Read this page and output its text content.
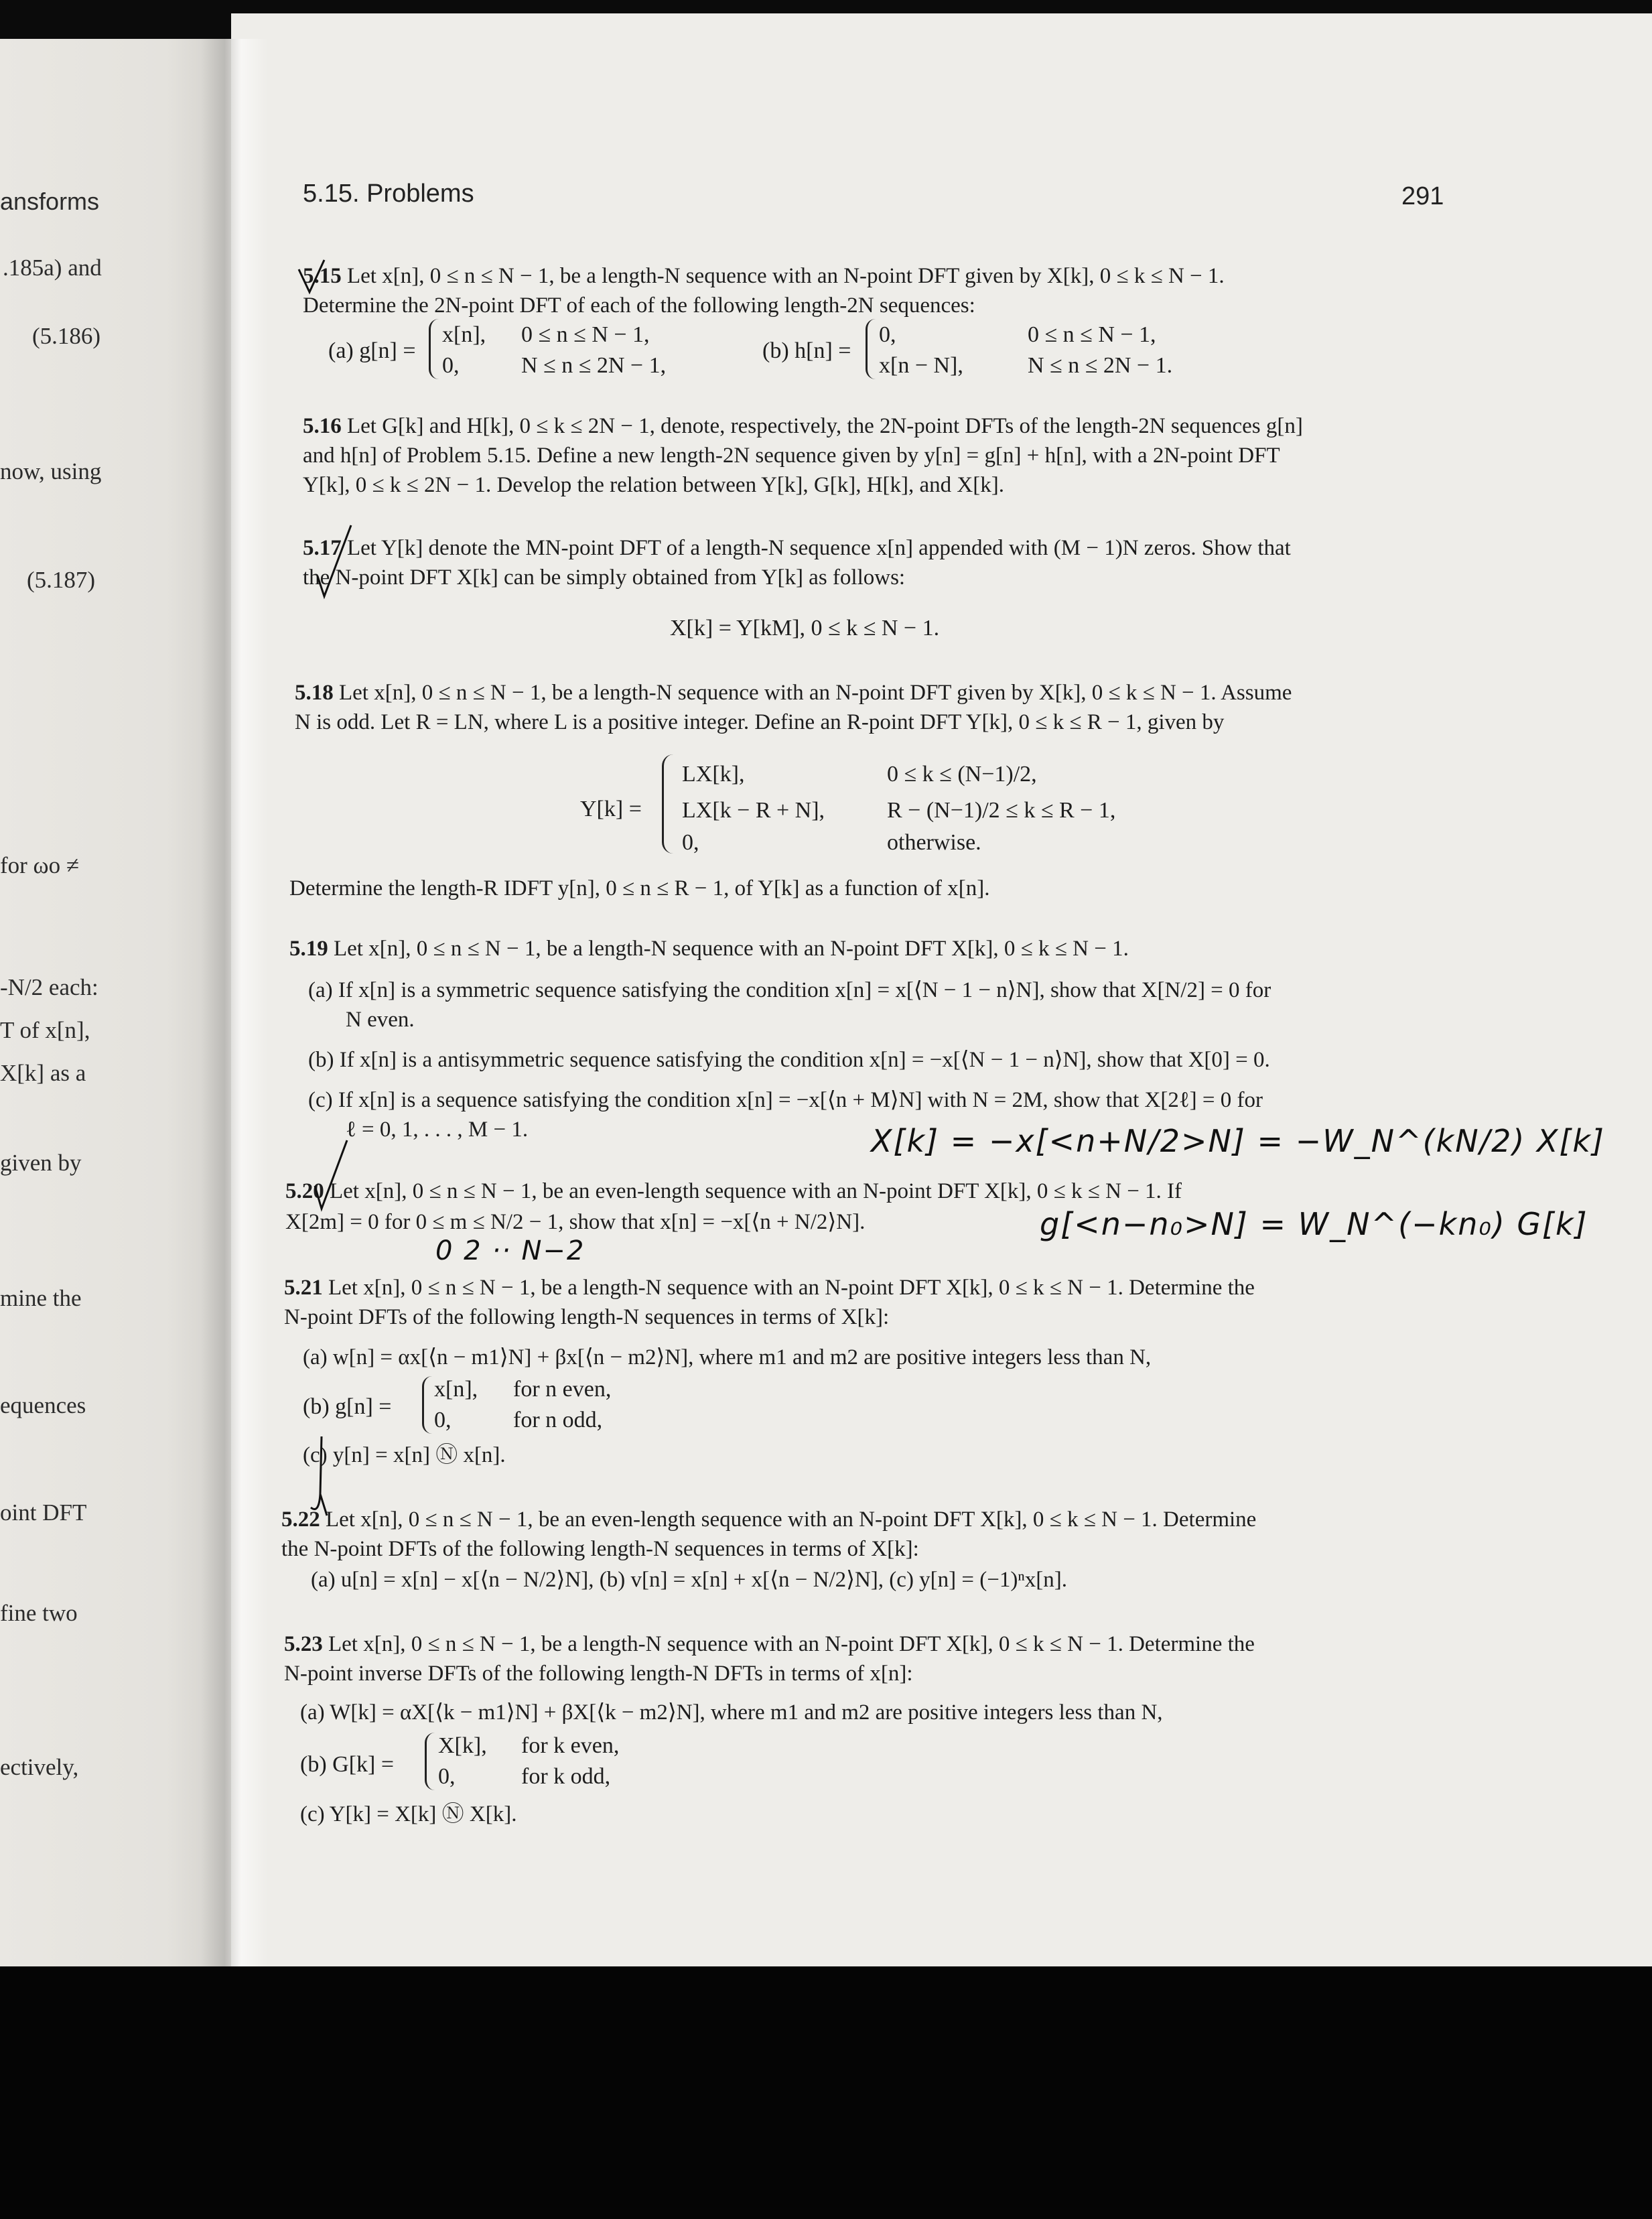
ansforms
.185a) and
(5.186)
now, using
(5.187)
for ωo ≠
-N/2 each:
T of x[n],
X[k] as a
given by
mine the
equences
oint DFT
fine two
ectively,
5.15. Problems	291
5.15 Let x[n], 0 ≤ n ≤ N − 1, be a length-N sequence with an N-point DFT given by X[k], 0 ≤ k ≤ N − 1.
Determine the 2N-point DFT of each of the following length-2N sequences:
(a) g[n] =
x[n], 0 ≤ n ≤ N − 1,
0,	N ≤ n ≤ 2N − 1,
(b) h[n] =
0,	0 ≤ n ≤ N − 1,
x[n − N],	N ≤ n ≤ 2N − 1.
5.16 Let G[k] and H[k], 0 ≤ k ≤ 2N − 1, denote, respectively, the 2N-point DFTs of the length-2N sequences g[n]
and h[n] of Problem 5.15. Define a new length-2N sequence given by y[n] = g[n] + h[n], with a 2N-point DFT
Y[k], 0 ≤ k ≤ 2N − 1. Develop the relation between Y[k], G[k], H[k], and X[k].
5.17 Let Y[k] denote the MN-point DFT of a length-N sequence x[n] appended with (M − 1)N zeros. Show that
the N-point DFT X[k] can be simply obtained from Y[k] as follows:
X[k] = Y[kM], 0 ≤ k ≤ N − 1.
5.18 Let x[n], 0 ≤ n ≤ N − 1, be a length-N sequence with an N-point DFT given by X[k], 0 ≤ k ≤ N − 1. Assume
N is odd. Let R = LN, where L is a positive integer. Define an R-point DFT Y[k], 0 ≤ k ≤ R − 1, given by
Y[k] =
LX[k],	0 ≤ k ≤ (N−1)/2,
LX[k − R + N],	R − (N−1)/2 ≤ k ≤ R − 1,
0,	otherwise.
Determine the length-R IDFT y[n], 0 ≤ n ≤ R − 1, of Y[k] as a function of x[n].
5.19 Let x[n], 0 ≤ n ≤ N − 1, be a length-N sequence with an N-point DFT X[k], 0 ≤ k ≤ N − 1.
(a) If x[n] is a symmetric sequence satisfying the condition x[n] = x[⟨N − 1 − n⟩N], show that X[N/2] = 0 for
N even.
(b) If x[n] is a antisymmetric sequence satisfying the condition x[n] = −x[⟨N − 1 − n⟩N], show that X[0] = 0.
(c) If x[n] is a sequence satisfying the condition x[n] = −x[⟨n + M⟩N] with N = 2M, show that X[2ℓ] = 0 for
ℓ = 0, 1, . . . , M − 1.
5.20 Let x[n], 0 ≤ n ≤ N − 1, be an even-length sequence with an N-point DFT X[k], 0 ≤ k ≤ N − 1. If
X[2m] = 0 for 0 ≤ m ≤ N/2 − 1, show that x[n] = −x[⟨n + N/2⟩N].
5.21 Let x[n], 0 ≤ n ≤ N − 1, be a length-N sequence with an N-point DFT X[k], 0 ≤ k ≤ N − 1. Determine the
N-point DFTs of the following length-N sequences in terms of X[k]:
(a) w[n] = αx[⟨n − m1⟩N] + βx[⟨n − m2⟩N], where m1 and m2 are positive integers less than N,
(b) g[n] =
x[n], for n even,
0,	for n odd,
(c) y[n] = x[n] Ⓝ x[n].
5.22 Let x[n], 0 ≤ n ≤ N − 1, be an even-length sequence with an N-point DFT X[k], 0 ≤ k ≤ N − 1. Determine
the N-point DFTs of the following length-N sequences in terms of X[k]:
(a) u[n] = x[n] − x[⟨n − N/2⟩N], (b) v[n] = x[n] + x[⟨n − N/2⟩N], (c) y[n] = (−1)ⁿx[n].
5.23 Let x[n], 0 ≤ n ≤ N − 1, be a length-N sequence with an N-point DFT X[k], 0 ≤ k ≤ N − 1. Determine the
N-point inverse DFTs of the following length-N DFTs in terms of x[n]:
(a) W[k] = αX[⟨k − m1⟩N] + βX[⟨k − m2⟩N], where m1 and m2 are positive integers less than N,
(b) G[k] =
X[k], for k even,
0,	for k odd,
(c) Y[k] = X[k] Ⓝ X[k].
X[k] = −x[<n+N/2>N] = −W_N^(kN/2) X[k]
g[<n−n₀>N] = W_N^(−kn₀) G[k]
0 2 ·· N−2
